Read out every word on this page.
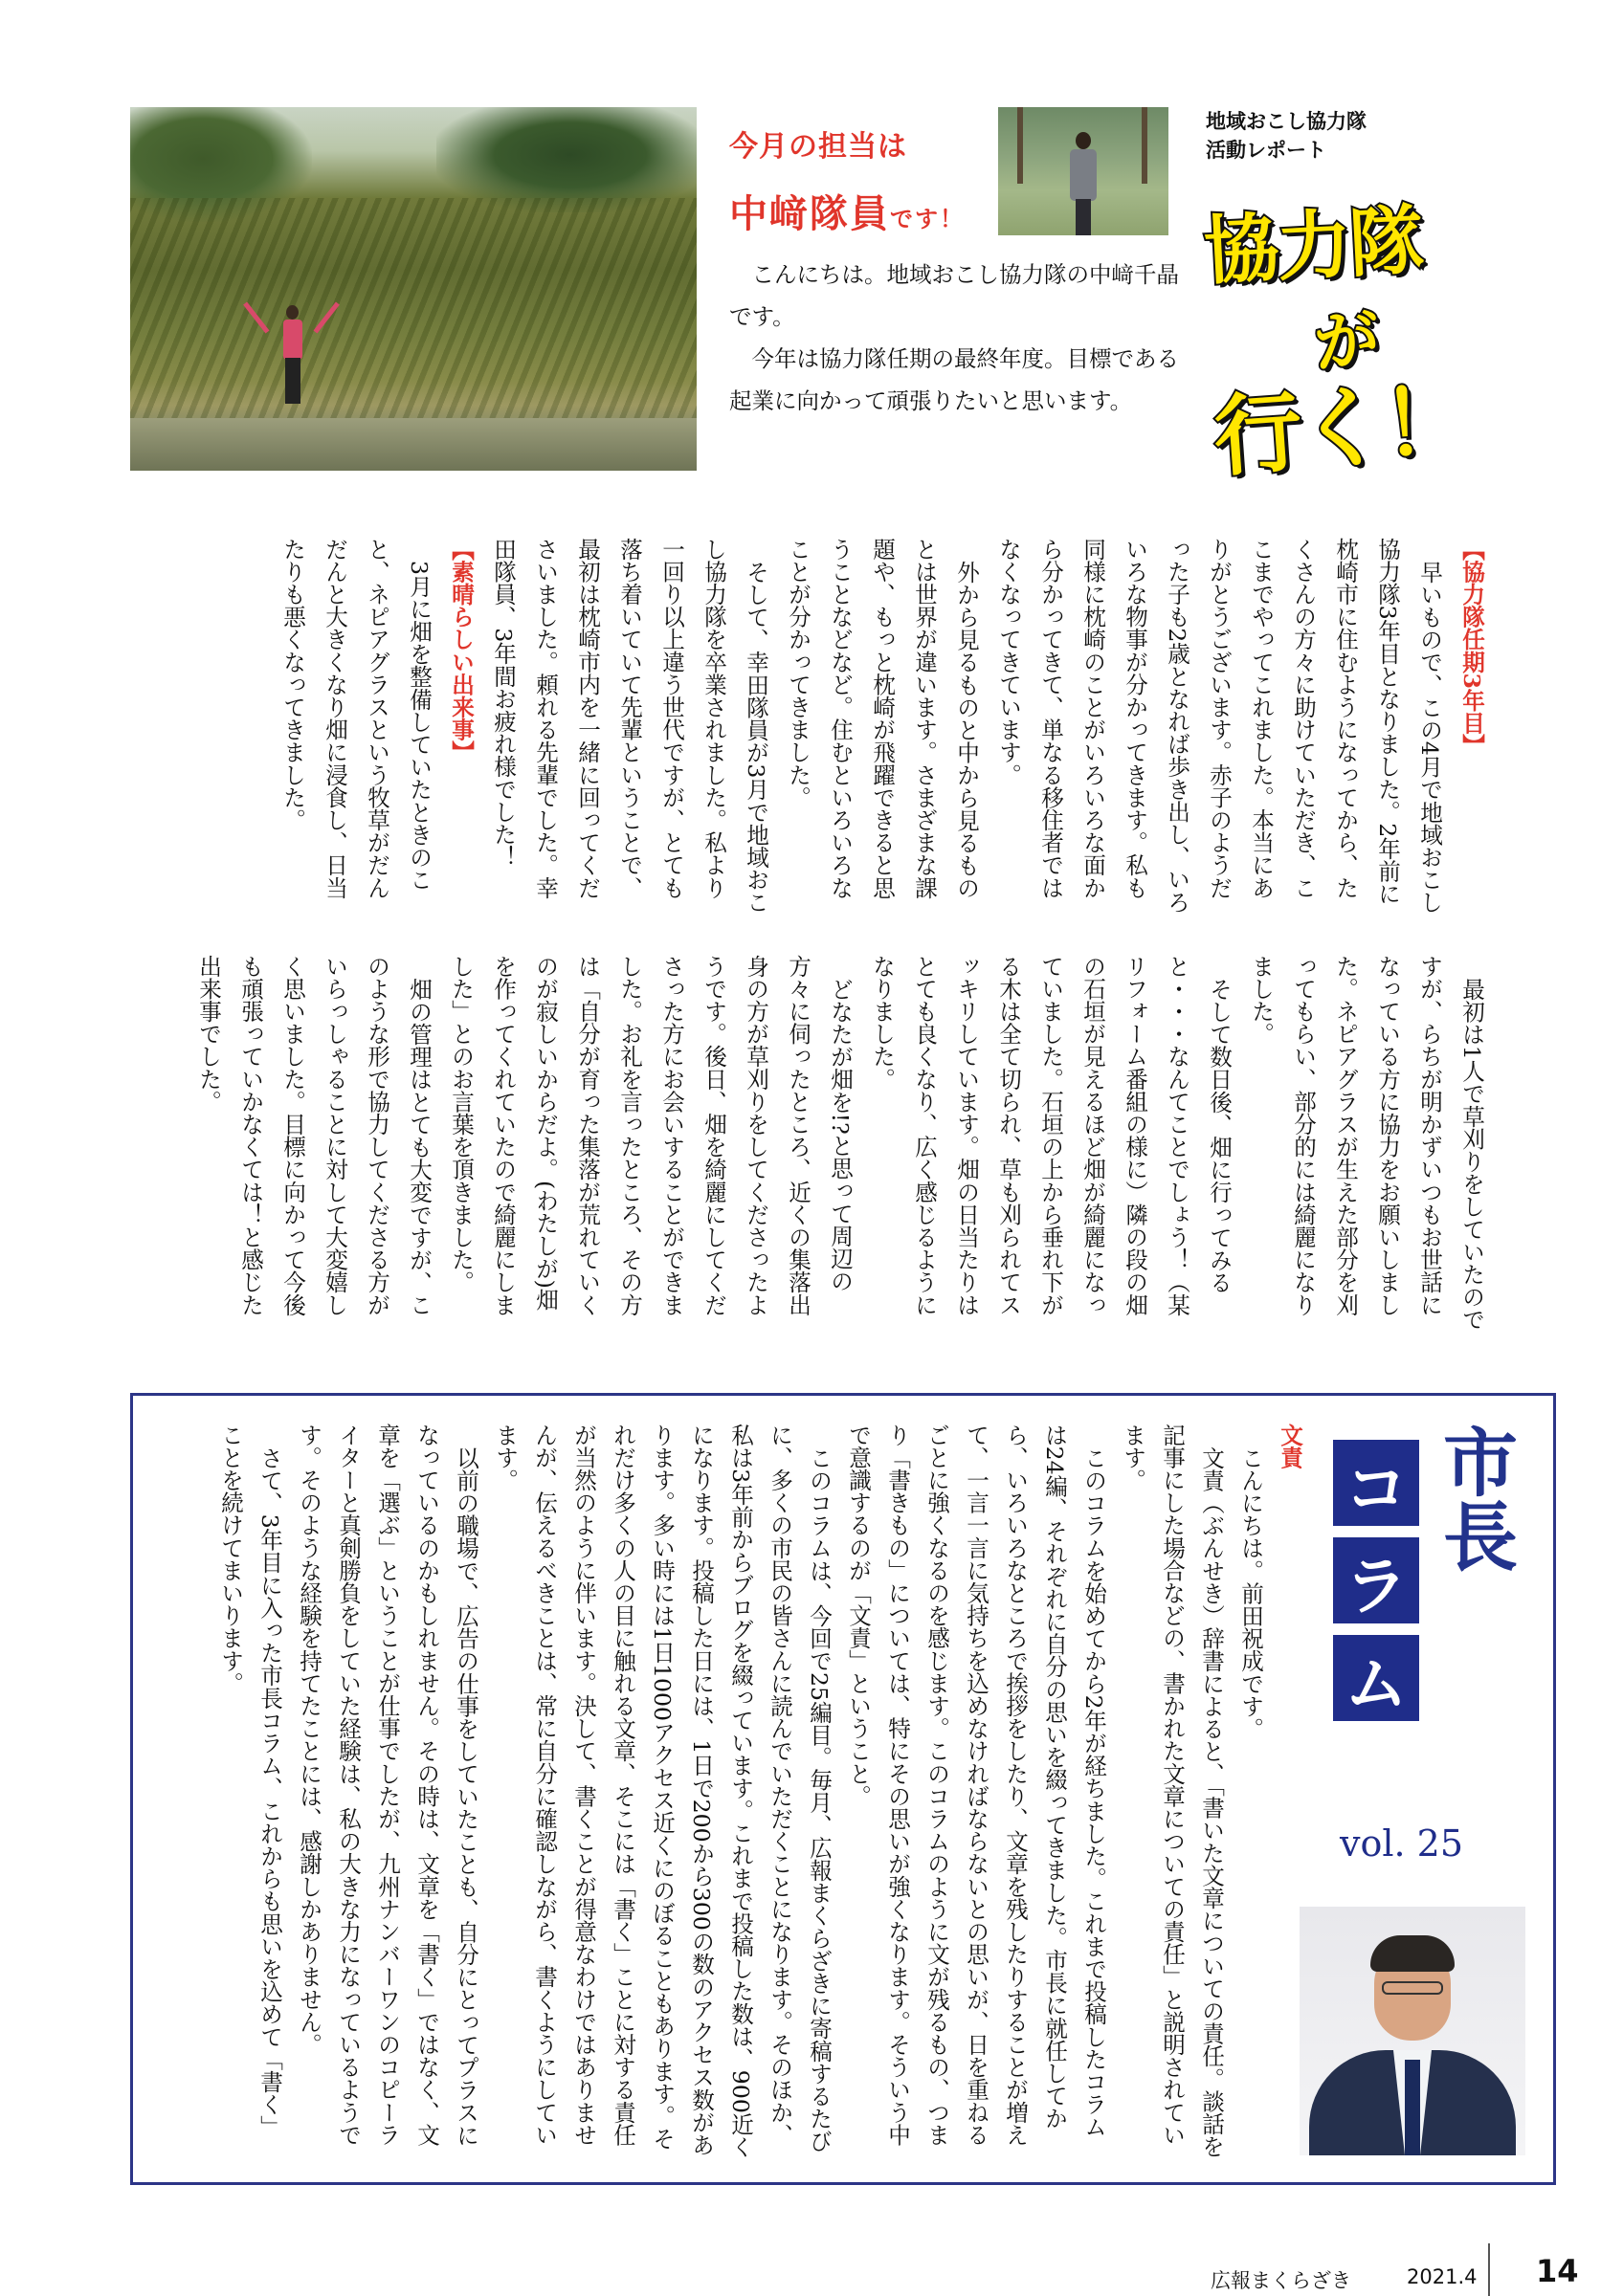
今月の担当は
中﨑隊員です！
地域おこし協力隊
活動レポート
協力隊
が
行く！

こんにちは。地域おこし協力隊の中﨑千晶です。

今年は協力隊任期の最終年度。目標である起業に向かって頑張りたいと思います。

【 協力隊任期3年目 】

早いもので、この4月で地域おこし協力隊3年目となりました。2年前に枕崎市に住むようになってから、たくさんの方々に助けていただき、ここまでやってこれました。本当にありがとうございます。赤子のようだった子も2歳となれば歩き出し、いろいろな物事が分かってきます。私も同様に枕崎のことがいろいろな面から分かってきて、単なる移住者ではなくなってきています。

外から見るものと中から見るものとは世界が違います。さまざまな課題や、もっと枕崎が飛躍できると思うことなどなど。住むといろいろなことが分かってきました。

そして、幸田隊員が3月で地域おこし協力隊を卒業されました。私より一回り以上違う世代ですが、とても落ち着いていて先輩ということで、最初は枕崎市内を一緒に回ってくださいました。頼れる先輩でした。幸田隊員、3年間お疲れ様でした！

【 素晴らしい出来事 】

3月に畑を整備していたときのこと、ネピアグラスという牧草がだんだんと大きくなり畑に浸食し、日当たりも悪くなってきました。

最初は1人で草刈りをしていたのですが、らちが明かずいつもお世話になっている方に協力をお願いしました。ネピアグラスが生えた部分を刈ってもらい、部分的には綺麗になりました。

そして数日後、畑に行ってみると・・・なんてことでしょう！（某リフォーム番組の様に）隣の段の畑の石垣が見えるほど畑が綺麗になっていました。石垣の上から垂れ下がる木は全て切られ、草も刈られてスッキリしています。畑の日当たりはとても良くなり、広く感じるようになりました。

どなたが畑を!?と思って周辺の方々に伺ったところ、近くの集落出身の方が草刈りをしてくださったようです。後日、畑を綺麗にしてくださった方にお会いすることができました。お礼を言ったところ、その方は「自分が育った集落が荒れていくのが寂しいからだよ。(わたしが)畑を作ってくれていたので綺麗にしました」とのお言葉を頂きました。

畑の管理はとても大変ですが、このような形で協力してくださる方がいらっしゃることに対して大変嬉しく思いました。目標に向かって今後も頑張っていかなくては！と感じた出来事でした。

市長
コ
ラ
ム
vol. 25

文責

こんにちは。前田祝成です。

文責（ぶんせき）辞書によると、「書いた文章についての責任。談話を記事にした場合などの、書かれた文章についての責任」と説明されています。

このコラムを始めてから2年が経ちました。これまで投稿したコラムは24編、それぞれに自分の思いを綴ってきました。市長に就任してから、いろいろなところで挨拶をしたり、文章を残したりすることが増えて、一言一言に気持ちを込めなければならないとの思いが、日を重ねるごとに強くなるのを感じます。このコラムのように文が残るもの、つまり「書きもの」については、特にその思いが強くなります。そういう中で意識するのが「文責」ということ。

このコラムは、今回で25編目。毎月、広報まくらざきに寄稿するたびに、多くの市民の皆さんに読んでいただくことになります。そのほか、私は3年前からブログを綴っています。これまで投稿した数は、900近くになります。投稿した日には、1日で200から300の数のアクセス数があります。多い時には1日1000アクセス近くにのぼることもあります。それだけ多くの人の目に触れる文章、そこには「書く」ことに対する責任が当然のように伴います。決して、書くことが得意なわけではありませんが、伝えるべきことは、常に自分に確認しながら、書くようにしています。

以前の職場で、広告の仕事をしていたことも、自分にとってプラスになっているのかもしれません。その時は、文章を「書く」ではなく、文章を「選ぶ」ということが仕事でしたが、九州ナンバーワンのコピーライターと真剣勝負をしていた経験は、私の大きな力になっているようです。そのような経験を持てたことには、感謝しかありません。

さて、3年目に入った市長コラム、これからも思いを込めて「書く」ことを続けてまいります。

広報まくらざき	2021.4 14
